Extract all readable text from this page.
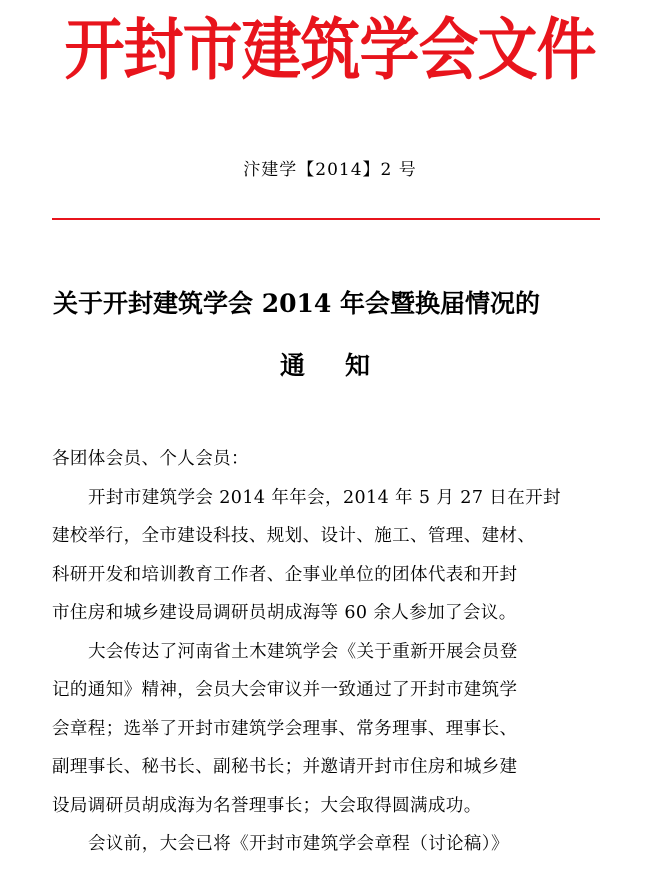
开封市建筑学会文件
汴建学【2014】2 号
关于开封建筑学会 2014 年会暨换届情况的
通知

各团体会员、个人会员：

开封市建筑学会 2014 年年会，2014 年 5 月 27 日在开封

建校举行，全市建设科技、规划、设计、施工、管理、建材、

科研开发和培训教育工作者、企事业单位的团体代表和开封

市住房和城乡建设局调研员胡成海等 60 余人参加了会议。

大会传达了河南省土木建筑学会《关于重新开展会员登

记的通知》精神，会员大会审议并一致通过了开封市建筑学

会章程；选举了开封市建筑学会理事、常务理事、理事长、

副理事长、秘书长、副秘书长；并邀请开封市住房和城乡建

设局调研员胡成海为名誉理事长；大会取得圆满成功。

会议前，大会已将《开封市建筑学会章程（讨论稿）》
